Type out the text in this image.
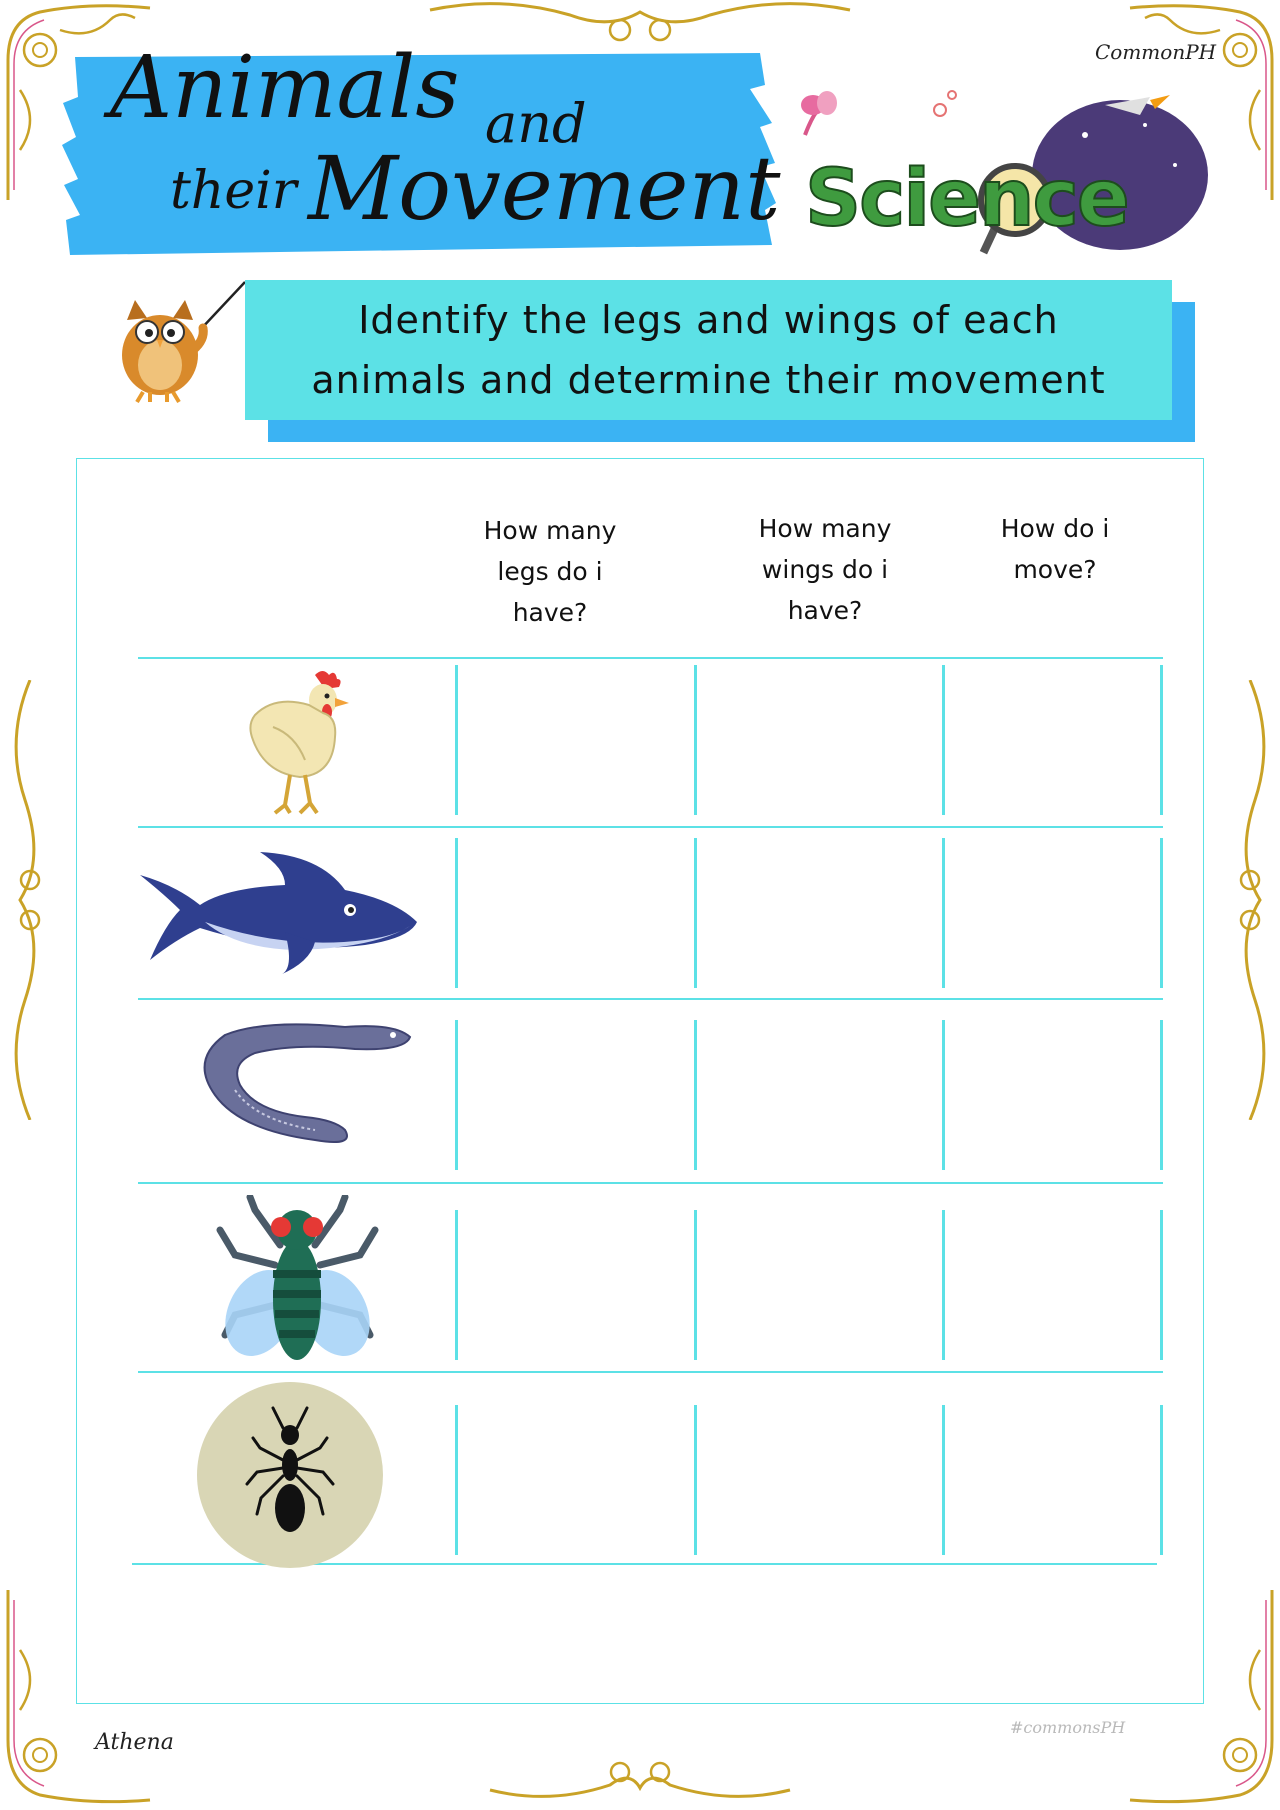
Animals and
their Movement Science
CommonPH
Identify the legs and wings of each
animals and determine their movement
How many
legs do i
have?
How many
wings do i
have?
How do i
move?
Athena
#commonsPH
